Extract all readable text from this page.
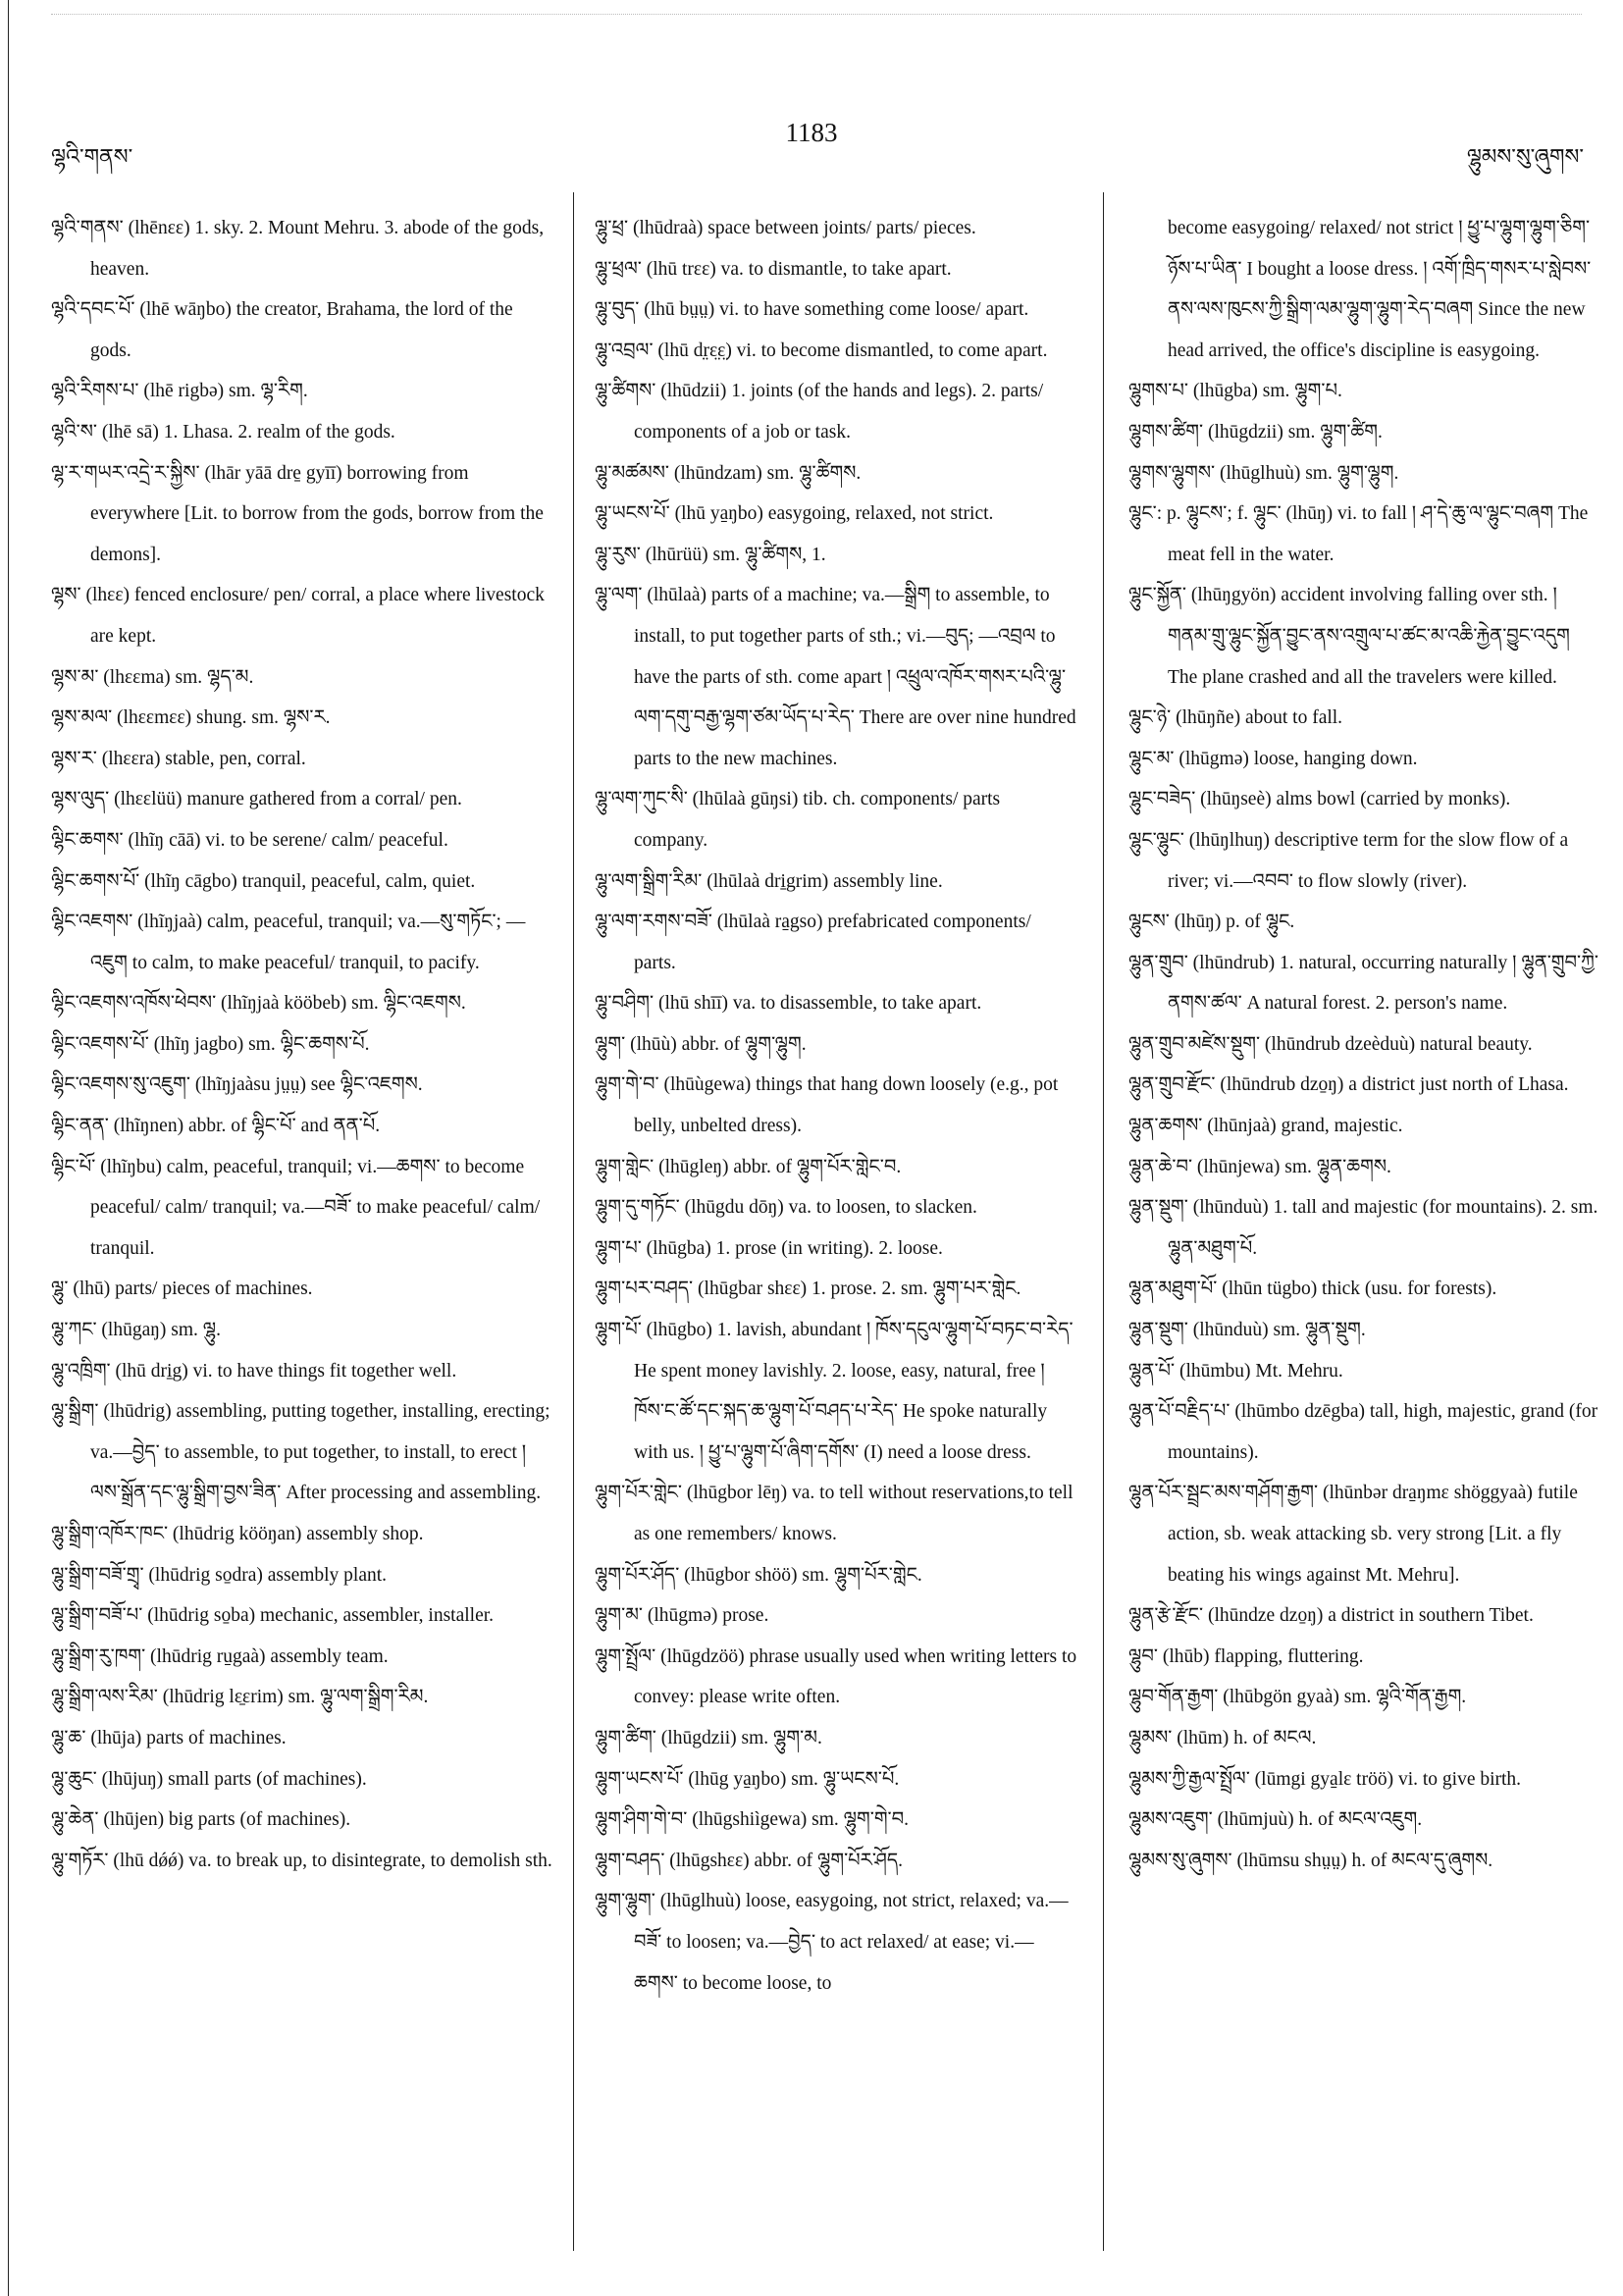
ལྷའི་གནས་
1183
ལྷུམས་སུ་ཞུགས་

ལྷའི་གནས་ (lhēnεε) 1. sky. 2. Mount Mehru. 3. abode of the gods, heaven.

ལྷའི་དབང་པོ་ (lhē wāŋbo) the creator, Brahama, the lord of the gods.

ལྷའི་རིགས་པ་ (lhē rigbə) sm. ལྷ་རིག.

ལྷའི་ས་ (lhē sā) 1. Lhasa. 2. realm of the gods.

ལྷ་ར་གཡར་འདྲེ་ར་སྐྱིས་ (lhār yāā dre̱ gyīī) borrowing from everywhere [Lit. to borrow from the gods, borrow from the demons].

ལྷས་ (lhεε) fenced enclosure/ pen/ corral, a place where livestock are kept.

ལྷས་མ་ (lhεεma) sm. ལྷད་མ.

ལྷས་མལ་ (lhεεmεε) shung. sm. ལྷས་ར.

ལྷས་ར་ (lhεεra) stable, pen, corral.

ལྷས་ལུད་ (lhεεlüü) manure gathered from a corral/ pen.

ལྷིང་ཆགས་ (lhĩŋ cāā) vi. to be serene/ calm/ peaceful.

ལྷིང་ཆགས་པོ་ (lhĩŋ cāgbo) tranquil, peaceful, calm, quiet.

ལྷིང་འཇགས་ (lhĩŋjaà) calm, peaceful, tranquil; va.—སུ་གཏོང་; —འཇུག to calm, to make peaceful/ tranquil, to pacify.

ལྷིང་འཇགས་འཁོས་ཕེབས་ (lhĩŋjaà kööbeb) sm. ལྷིང་འཇགས.

ལྷིང་འཇགས་པོ་ (lhĩŋ jagbo) sm. ལྷིང་ཆགས་པོ.

ལྷིང་འཇགས་སུ་འཇུག་ (lhĩŋjaàsu jṳṳ) see ལྷིང་འཇགས.

ལྷིང་ནན་ (lhĩŋnen) abbr. of ལྷིང་པོ་ and ནན་པོ.

ལྷིང་པོ་ (lhĩŋbu) calm, peaceful, tranquil; vi.—ཆགས་ to become peaceful/ calm/ tranquil; va.—བཟོ་ to make peaceful/ calm/ tranquil.

ལྷུ་ (lhū) parts/ pieces of machines.

ལྷུ་ཀང་ (lhūgaŋ) sm. ལྷུ.

ལྷུ་འཁྲིག་ (lhū dri̱g) vi. to have things fit together well.

ལྷུ་སྒྲིག་ (lhūdrig) assembling, putting together, installing, erecting; va.—བྱེད་ to assemble, to put together, to install, to erect ། ལས་སྒྲོན་དང་ལྷུ་སྒྲིག་བྱས་ཟིན་ After processing and assembling.

ལྷུ་སྒྲིག་འཁོར་ཁང་ (lhūdrig kööŋan) assembly shop.

ལྷུ་སྒྲིག་བཟོ་གྲྭ་ (lhūdrig so̱dra) assembly plant.

ལྷུ་སྒྲིག་བཟོ་པ་ (lhūdrig so̱ba) mechanic, assembler, installer.

ལྷུ་སྒྲིག་རུ་ཁག་ (lhūdrig ru̱gaà) assembly team.

ལྷུ་སྒྲིག་ལས་རིམ་ (lhūdrig lε̱εrim) sm. ལྷུ་ལག་སྒྲིག་རིམ.

ལྷུ་ཆ་ (lhūja) parts of machines.

ལྷུ་ཆུང་ (lhūjuŋ) small parts (of machines).

ལྷུ་ཆེན་ (lhūjen) big parts (of machines).

ལྷུ་གཏོར་ (lhū dǿǿ) va. to break up, to disintegrate, to demolish sth.

ལྷུ་ཕྲ་ (lhūdraà) space between joints/ parts/ pieces.

ལྷུ་ཕྲལ་ (lhū trεε) va. to dismantle, to take apart.

ལྷུ་བུད་ (lhū bṳṳ) vi. to have something come loose/ apart.

ལྷུ་འབྲལ་ (lhū dr̤ε̤ε̤) vi. to become dismantled, to come apart.

ལྷུ་ཚིགས་ (lhūdzii) 1. joints (of the hands and legs). 2. parts/ components of a job or task.

ལྷུ་མཚམས་ (lhūndzam) sm. ལྷུ་ཚིགས.

ལྷུ་ཡངས་པོ་ (lhū ya̱ŋbo) easygoing, relaxed, not strict.

ལྷུ་རུས་ (lhūrüü) sm. ལྷུ་ཚིགས, 1.

ལྷུ་ལག་ (lhūlaà) parts of a machine; va.—སྒྲིག to assemble, to install, to put together parts of sth.; vi.—བུད; —འབྲལ to have the parts of sth. come apart ། འཕྲུལ་འཁོར་གསར་པའི་ལྷུ་ལག་དགུ་བརྒྱ་ལྷག་ཙམ་ཡོད་པ་རེད་ There are over nine hundred parts to the new machines.

ལྷུ་ལག་ཀུང་སི་ (lhūlaà gūŋsi) tib. ch. components/ parts company.

ལྷུ་ལག་སྒྲིག་རིམ་ (lhūlaà dri̱grim) assembly line.

ལྷུ་ལག་རགས་བཟོ་ (lhūlaà ra̱gso) prefabricated components/ parts.

ལྷུ་བཤིག་ (lhū shīī) va. to disassemble, to take apart.

ལྷུག་ (lhūù) abbr. of ལྷུག་ལྷུག.

ལྷུག་གེ་བ་ (lhūùgewa) things that hang down loosely (e.g., pot belly, unbelted dress).

ལྷུག་གླེང་ (lhūgleŋ) abbr. of ལྷུག་པོར་གླེང་བ.

ལྷུག་དུ་གཏོང་ (lhūgdu dōŋ) va. to loosen, to slacken.

ལྷུག་པ་ (lhūgba) 1. prose (in writing). 2. loose.

ལྷུག་པར་བཤད་ (lhūgbar shεε) 1. prose. 2. sm. ལྷུག་པར་གླེང.

ལྷུག་པོ་ (lhūgbo) 1. lavish, abundant ། ཁོས་དངུལ་ལྷུག་པོ་བཏང་བ་རེད་ He spent money lavishly. 2. loose, easy, natural, free ། ཁོས་ང་ཚོ་དང་སྐད་ཆ་ལྷུག་པོ་བཤད་པ་རེད་ He spoke naturally with us. ། ཕྱུ་པ་ལྷུག་པོ་ཞིག་དགོས་ (I) need a loose dress.

ལྷུག་པོར་གླེང་ (lhūgbor lēŋ) va. to tell without reservations,to tell as one remembers/ knows.

ལྷུག་པོར་ཤོད་ (lhūgbor shöö) sm. ལྷུག་པོར་གླེང.

ལྷུག་མ་ (lhūgmə) prose.

ལྷུག་སྤྲོལ་ (lhūgdzöö) phrase usually used when writing letters to convey: please write often.

ལྷུག་ཚིག་ (lhūgdzii) sm. ལྷུག་མ.

ལྷུག་ཡངས་པོ་ (lhūg ya̱ŋbo) sm. ལྷུ་ཡངས་པོ.

ལྷུག་ཤིག་གེ་བ་ (lhūgshiìgewa) sm. ལྷུག་གེ་བ.

ལྷུག་བཤད་ (lhūgshεε) abbr. of ལྷུག་པོར་ཤོད.

ལྷུག་ལྷུག་ (lhūglhuù) loose, easygoing, not strict, relaxed; va.—བཟོ་ to loosen; va.—བྱེད་ to act relaxed/ at ease; vi.—ཆགས་ to become loose, to

become easygoing/ relaxed/ not strict ། ཕྱུ་པ་ལྷུག་ལྷུག་ཅིག་ཉོས་པ་ཡིན་ I bought a loose dress. ། འགོ་ཁྲིད་གསར་པ་སླེབས་ནས་ལས་ཁུངས་ཀྱི་སྒྲིག་ལམ་ལྷུག་ལྷུག་རེད་བཞག Since the new head arrived, the office's discipline is easygoing.

ལྷུགས་པ་ (lhūgba) sm. ལྷུག་པ.

ལྷུགས་ཚིག་ (lhūgdzii) sm. ལྷུག་ཚིག.

ལྷུགས་ལྷུགས་ (lhūglhuù) sm. ལྷུག་ལྷུག.

ལྷུང་: p. ལྷུངས་; f. ལྷུང་ (lhūŋ) vi. to fall ། ཤ་དེ་ཆུ་ལ་ལྷུང་བཞག The meat fell in the water.

ལྷུང་སྐྱོན་ (lhūŋgyön) accident involving falling over sth. ། གནམ་གྲུ་ལྷུང་སྐྱོན་བྱུང་ནས་འགྲུལ་པ་ཚང་མ་འཆི་རྐྱེན་བྱུང་འདུག The plane crashed and all the travelers were killed.

ལྷུང་ཉེ་ (lhūŋñe) about to fall.

ལྷུང་མ་ (lhūgmə) loose, hanging down.

ལྷུང་བཟེད་ (lhūŋseè) alms bowl (carried by monks).

ལྷུང་ལྷུང་ (lhūŋlhuŋ) descriptive term for the slow flow of a river; vi.—འབབ་ to flow slowly (river).

ལྷུངས་ (lhūŋ) p. of ལྷུང.

ལྷུན་གྲུབ་ (lhūndrub) 1. natural, occurring naturally ། ལྷུན་གྲུབ་ཀྱི་ནགས་ཚལ་ A natural forest. 2. person's name.

ལྷུན་གྲུབ་མཛེས་སྡུག་ (lhūndrub dzeèduù) natural beauty.

ལྷུན་གྲུབ་རྫོང་ (lhūndrub dzo̱ŋ) a district just north of Lhasa.

ལྷུན་ཆགས་ (lhūnjaà) grand, majestic.

ལྷུན་ཆེ་བ་ (lhūnjewa) sm. ལྷུན་ཆགས.

ལྷུན་སྡུག་ (lhūnduù) 1. tall and majestic (for mountains). 2. sm. ལྷུན་མཐུག་པོ.

ལྷུན་མཐུག་པོ་ (lhūn tügbo) thick (usu. for forests).

ལྷུན་སྡུག་ (lhūnduù) sm. ལྷུན་སྡུག.

ལྷུན་པོ་ (lhūmbu) Mt. Mehru.

ལྷུན་པོ་བརྗིད་པ་ (lhūmbo dzēgba) tall, high, majestic, grand (for mountains).

ལྷུན་པོར་སྦྲང་མས་གཤོག་རྒྱག་ (lhūnbər dra̱ŋmε shöggyaà) futile action, sb. weak attacking sb. very strong [Lit. a fly beating his wings against Mt. Mehru].

ལྷུན་རྩེ་རྫོང་ (lhūndze dzo̱ŋ) a district in southern Tibet.

ལྷུབ་ (lhūb) flapping, fluttering.

ལྷུབ་གོན་རྒྱག་ (lhūbgön gyaà) sm. ལྷའི་གོན་རྒྱག.

ལྷུམས་ (lhūm) h. of མངལ.

ལྷུམས་ཀྱི་རྒྱལ་སྤྲོལ་ (lūmgi gya̱lε tröö) vi. to give birth.

ལྷུམས་འཇུག་ (lhūmjuù) h. of མངལ་འཇུག.

ལྷུམས་སུ་ཞུགས་ (lhūmsu shṳṳ) h. of མངལ་དུ་ཞུགས.
